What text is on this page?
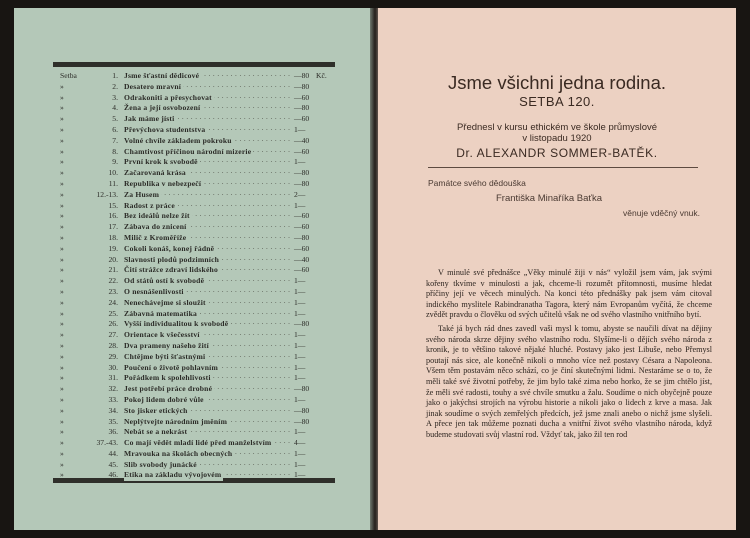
Setba	1. · · Jsme šťastní dědicové	—80 Kč.
»	2. · · Desatero mravní	—80
»	3. · · Odrakoniti a přesychovat	—60
»	4. · · Žena a její osvobození	—80
»	5. · · Jak máme jísti	—60
»	6. · · Převýchova studentstva	1—
»	7. · · Volné chvíle základem pokroku	—40
»	8. · · Chamtivost příčinou národní mizerie	—60
»	9. · · První krok k svobodě	1—
»	10. · · Začarovaná krása	—80
»	11. · · Republika v nebezpečí	—80
»	12.-13. · · Za Husem	2—
»	15. · · Radost z práce	1—
»	16. · · Bez ideálů nelze žít	—60
»	17. · · Zábava do znicení	—60
»	18. · · Milič z Kroměříže	—80
»	19. · · Cokoli konáš, konej řádně	—60
»	20. · · Slavnosti plodů podzimních	—40
»	21. · · Čití strážce zdraví lidského	—60
»	22. · · Od států ostí k svobodě	1—
»	23. · · O nesnášenlivosti	1—
»	24. · · Nenechávejme si sloužit	1—
»	25. · · Zábavná matematika	1—
»	26. · · Vyšší individualitou k svobodě	—80
»	27. · · Orientace k všečesství	1—
»	28. · · Dva prameny našeho žití	1—
»	29. · · Chtějme býti šťastnými	1—
»	30. · · Poučení o životě pohlavním	1—
»	31. · · Pořádkem k spolehlivosti	1—
»	32. · · Jest potřebí práce drobné	—80
»	33. · · Pokoj lidem dobré vůle	1—
»	34. · · Sto jisker etických	—80
»	35. · · Neplýtvejte národním jměním	—80
»	36. · · Nebát se a nekrást	1—
»	37.-43. · · Co mají vědět mladí lidé před manželstvím	4—
»	44. · · Mravouka na školách obecných	1—
»	45. · · Slib svobody junácké	1—
»	46. · · Etika na základu vývojovém	1—
Jsme všichni jedna rodina.
SETBA 120.
Přednesl v kursu ethickém ve škole průmyslové
v listopadu 1920
Dr. ALEXANDR SOMMER-BATĚK.
Památce svého dědouška
Františka Minaříka Baťka
věnuje vděčný vnuk.

V minulé své přednášce „Věky minulé žiji v nás“ vyložil jsem vám, jak svými kořeny tkvíme v minulosti a jak, chceme-li rozumět přítomnosti, musíme hledat příčiny její ve věcech minulých. Na konci této přednášky pak jsem vám citoval indického myslitele Rabindranatha Tagora, který nám Evropanům vyčítá, že chceme zvědět pravdu o člověku od svých učitelů však ne od svého vlastního vnitřního bytí.

Také já bych rád dnes zavedl vaši mysl k tomu, abyste se naučili dívat na dějiny svého národa skrze dějiny svého vlastního rodu. Slyšíme-li o dějích svého národa z kronik, je to většino takové nějaké hluché. Postavy jako jest Libuše, nebo Přemysl poutají nás sice, ale konečně nikoli o mnoho více než postavy Césara a Napoleona. Všem těm postavám něco schází, co je činí skutečnými lidmi. Nestaráme se o to, že měli také své životní potřeby, že jim bylo také zima nebo horko, že se jim chtělo jíst, že měli své radosti, touhy a své chvíle smutku a žalu. Soudíme o nich obyčejně pouze jako o jakýchsi strojích na výrobu historie a nikoli jako o lidech z krve a masa. Jak jinak soudíme o svých zemřelých předcích, jež jsme znali anebo o nichž jsme slyšeli. A přece jen tak můžeme poznati ducha a vnitřní život svého vlastního národa, když budeme studovati svůj vlastní rod. Vždyť tak, jako žil ten rod
